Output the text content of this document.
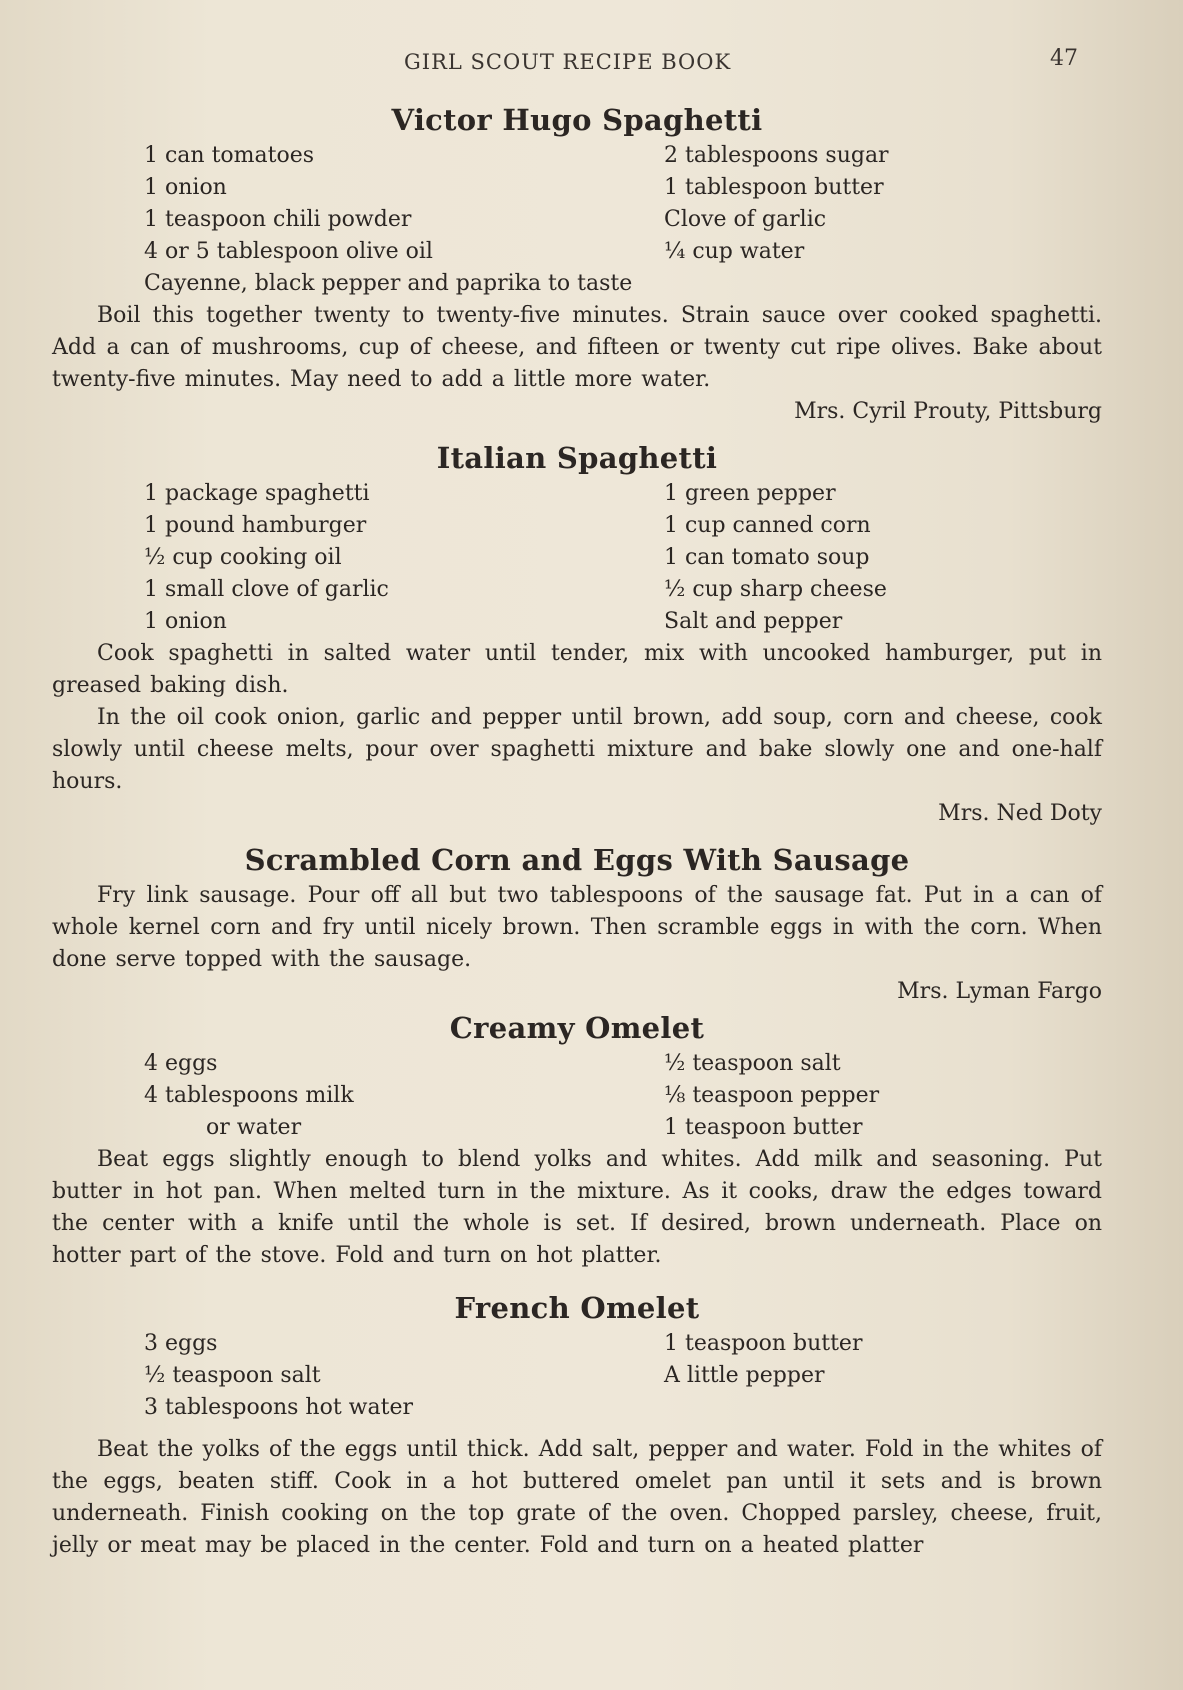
GIRL SCOUT RECIPE BOOK	47
Victor Hugo Spaghetti
1 can tomatoes
1 onion
1 teaspoon chili powder
4 or 5 tablespoon olive oil
2 tablespoons sugar
1 tablespoon butter
Clove of garlic
¼ cup water
Cayenne, black pepper and paprika to taste

Boil this together twenty to twenty-five minutes. Strain sauce over cooked spaghetti. Add a can of mushrooms, cup of cheese, and fifteen or twenty cut ripe olives. Bake about twenty-five minutes. May need to add a little more water.

Mrs. Cyril Prouty, Pittsburg
Italian Spaghetti
1 package spaghetti
1 pound hamburger
½ cup cooking oil
1 small clove of garlic
1 onion
1 green pepper
1 cup canned corn
1 can tomato soup
½ cup sharp cheese
Salt and pepper

Cook spaghetti in salted water until tender, mix with uncooked hamburger, put in greased baking dish.

In the oil cook onion, garlic and pepper until brown, add soup, corn and cheese, cook slowly until cheese melts, pour over spaghetti mixture and bake slowly one and one-half hours.

Mrs. Ned Doty
Scrambled Corn and Eggs With Sausage

Fry link sausage. Pour off all but two tablespoons of the sausage fat. Put in a can of whole kernel corn and fry until nicely brown. Then scramble eggs in with the corn. When done serve topped with the sausage.

Mrs. Lyman Fargo
Creamy Omelet
4 eggs
4 tablespoons milk
or water
½ teaspoon salt
⅛ teaspoon pepper
1 teaspoon butter

Beat eggs slightly enough to blend yolks and whites. Add milk and seasoning. Put butter in hot pan. When melted turn in the mixture. As it cooks, draw the edges toward the center with a knife until the whole is set. If desired, brown underneath. Place on hotter part of the stove. Fold and turn on hot platter.

French Omelet
3 eggs
½ teaspoon salt
3 tablespoons hot water
1 teaspoon butter
A little pepper

Beat the yolks of the eggs until thick. Add salt, pepper and water. Fold in the whites of the eggs, beaten stiff. Cook in a hot buttered omelet pan until it sets and is brown underneath. Finish cooking on the top grate of the oven. Chopped parsley, cheese, fruit, jelly or meat may be placed in the center. Fold and turn on a heated platter
